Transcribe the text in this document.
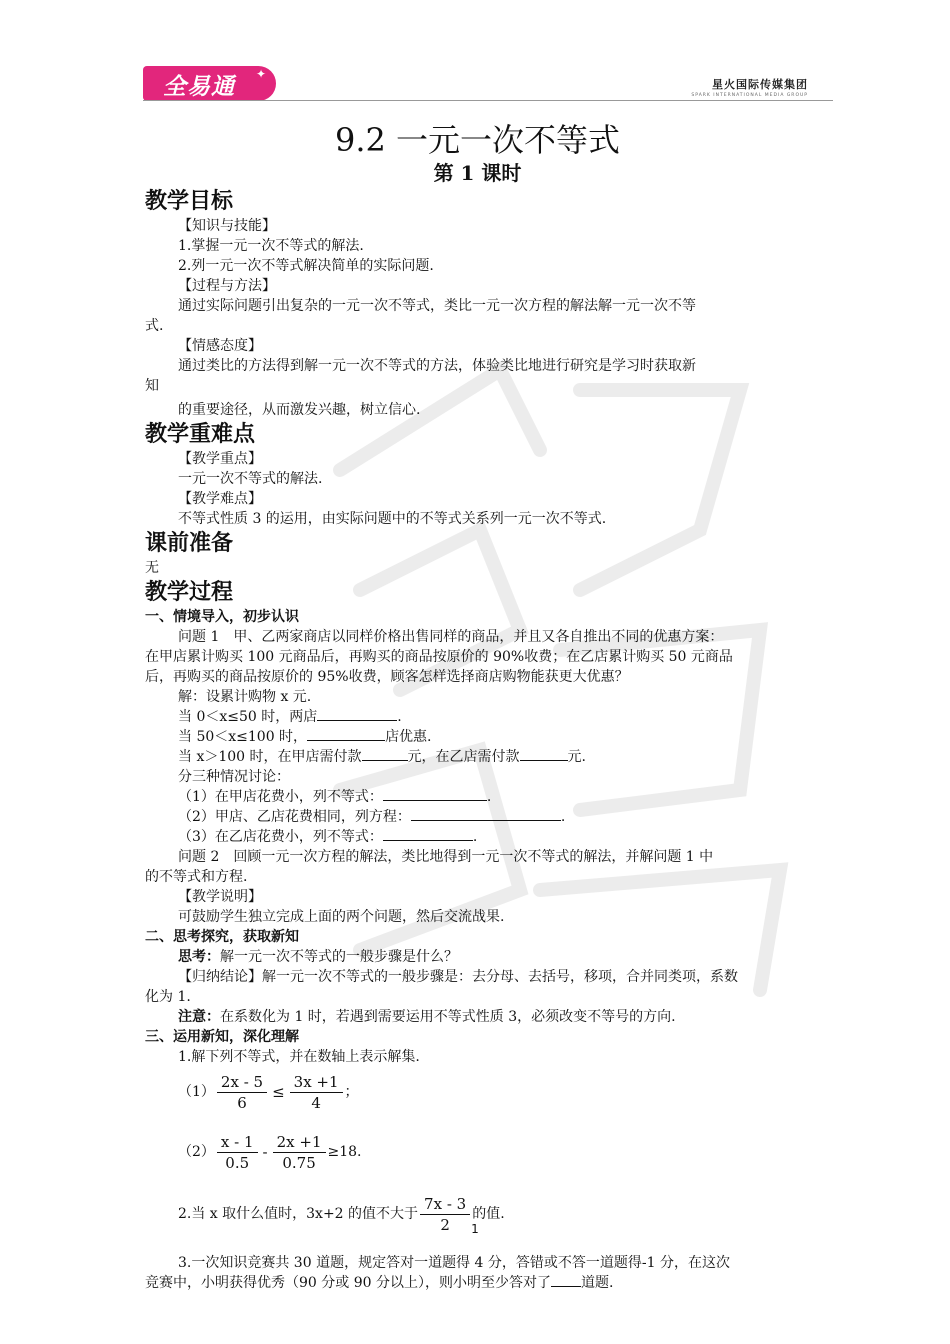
全易通 ✦
星火国际传媒集团
SPARK INTERNATIONAL MEDIA GROUP
9.2 一元一次不等式
第 1 课时
教学目标
【知识与技能】
1.掌握一元一次不等式的解法.
2.列一元一次不等式解决简单的实际问题.
【过程与方法】
通过实际问题引出复杂的一元一次不等式，类比一元一次方程的解法解一元一次不等
式.
【情感态度】
通过类比的方法得到解一元一次不等式的方法，体验类比地进行研究是学习时获取新
知
的重要途径，从而激发兴趣，树立信心.
教学重难点
【教学重点】
一元一次不等式的解法.
【教学难点】
不等式性质 3 的运用，由实际问题中的不等式关系列一元一次不等式.
课前准备
无
教学过程
一、情境导入，初步认识
问题 1　甲、乙两家商店以同样价格出售同样的商品，并且又各自推出不同的优惠方案：
在甲店累计购买 100 元商品后，再购买的商品按原价的 90%收费；在乙店累计购买 50 元商品
后，再购买的商品按原价的 95%收费，顾客怎样选择商店购物能获更大优惠？
解：设累计购物 x 元.
当 0＜x≤50 时，两店	.
当 50＜x≤100 时，	店优惠.
当 x＞100 时，在甲店需付款	元，在乙店需付款	元.
分三种情况讨论：
（1）在甲店花费小，列不等式：	.
（2）甲店、乙店花费相同，列方程：	.
（3）在乙店花费小，列不等式：	.
问题 2　回顾一元一次方程的解法，类比地得到一元一次不等式的解法，并解问题 1 中
的不等式和方程.
【教学说明】
可鼓励学生独立完成上面的两个问题，然后交流战果.
二、思考探究，获取新知
思考：解一元一次不等式的一般步骤是什么？
【归纳结论】解一元一次不等式的一般步骤是：去分母、去括号，移项，合并同类项，系数
化为 1.
注意：在系数化为 1 时，若遇到需要运用不等式性质 3，必须改变不等号的方向.
三、运用新知，深化理解
1.解下列不等式，并在数轴上表示解集.
$(1) \frac{2x - 5}{6} \le \frac{3x +1}{4}$ ；
$(2) \frac{x - 1}{0.5} - \frac{2x +1}{0.75} \ge 18$.
2.当 x 取什么值时，3x+2 的值不大于 $\frac{7x - 3}{2}$ 的值.
3.一次知识竞赛共 30 道题，规定答对一道题得 4 分，答错或不答一道题得-1 分，在这次
竞赛中，小明获得优秀（90 分或 90 分以上），则小明至少答对了 道题.
1
